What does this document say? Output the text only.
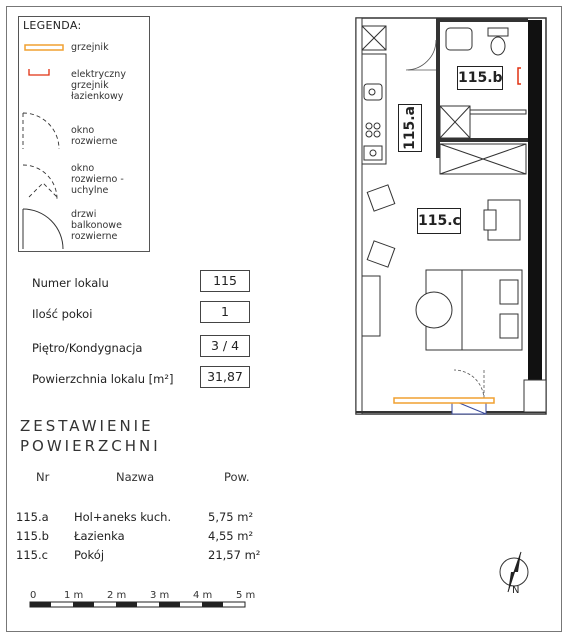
LEGENDA:
grzejnik
elektryczny
grzejnik
łazienkowy
okno
rozwierne
okno
rozwierno -
uchylne
drzwi
balkonowe
rozwierne
Numer lokalu	115
Ilość pokoi	1
Piętro/Kondygnacja	3 / 4
Powierzchnia lokalu [m²]	31,87
ZESTAWIENIE
POWIERZCHNI
Nr	Nazwa	Pow.
115.a Hol+aneks kuch.	5,75 m²
115.b Łazienka	4,55 m²
115.c Pokój	21,57 m²
0	1 m 2 m 3 m 4 m 5 m	N
115.b
115.a
115.c
